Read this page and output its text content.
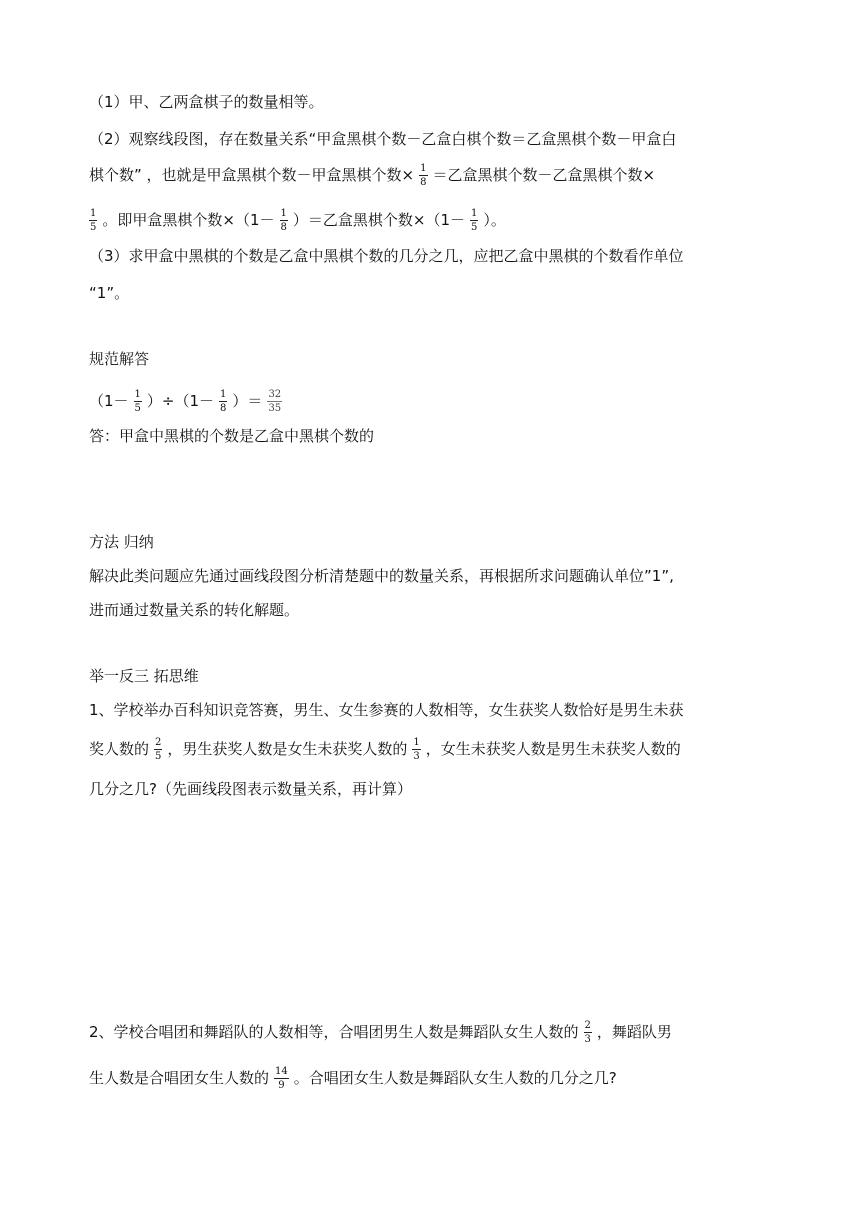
（1）甲、乙两盒棋子的数量相等。
（2）观察线段图，存在数量关系“甲盒黑棋个数－乙盒白棋个数＝乙盒黑棋个数－甲盒白
棋个数” ，也就是甲盒黑棋个数－甲盒黑棋个数× $\frac{1}{8}$ ＝乙盒黑棋个数－乙盒黑棋个数×
$\frac{1}{5}$ 。即甲盒黑棋个数$\times(1- \frac{1}{8}$ ）＝乙盒黑棋个数$\times(1- \frac{1}{5}$ ）。
（3）求甲盒中黑棋的个数是乙盒中黑棋个数的几分之几，应把乙盒中黑棋的个数看作单位
“1”。
规范解答
$(1- \frac{1}{5} )\div(1- \frac{1}{8}$ ）＝ $\frac{32}{35}$
答：甲盒中黑棋的个数是乙盒中黑棋个数的
方法 归纳
解决此类问题应先通过画线段图分析清楚题中的数量关系，再根据所求问题确认单位”1”,
进而通过数量关系的转化解题。
举一反三 拓思维
1、学校举办百科知识竞答赛，男生、女生参赛的人数相等，女生获奖人数恰好是男生未获
奖人数的 $\frac{2}{5}$ ，男生获奖人数是女生未获奖人数的 $\frac{1}{3}$ ，女生未获奖人数是男生未获奖人数的
几分之几?（先画线段图表示数量关系，再计算）
2、学校合唱团和舞蹈队的人数相等，合唱团男生人数是舞蹈队女生人数的 $\frac{2}{3}$ ，舞蹈队男
生人数是合唱团女生人数的 $\frac{14}{9}$ 。合唱团女生人数是舞蹈队女生人数的几分之几?
